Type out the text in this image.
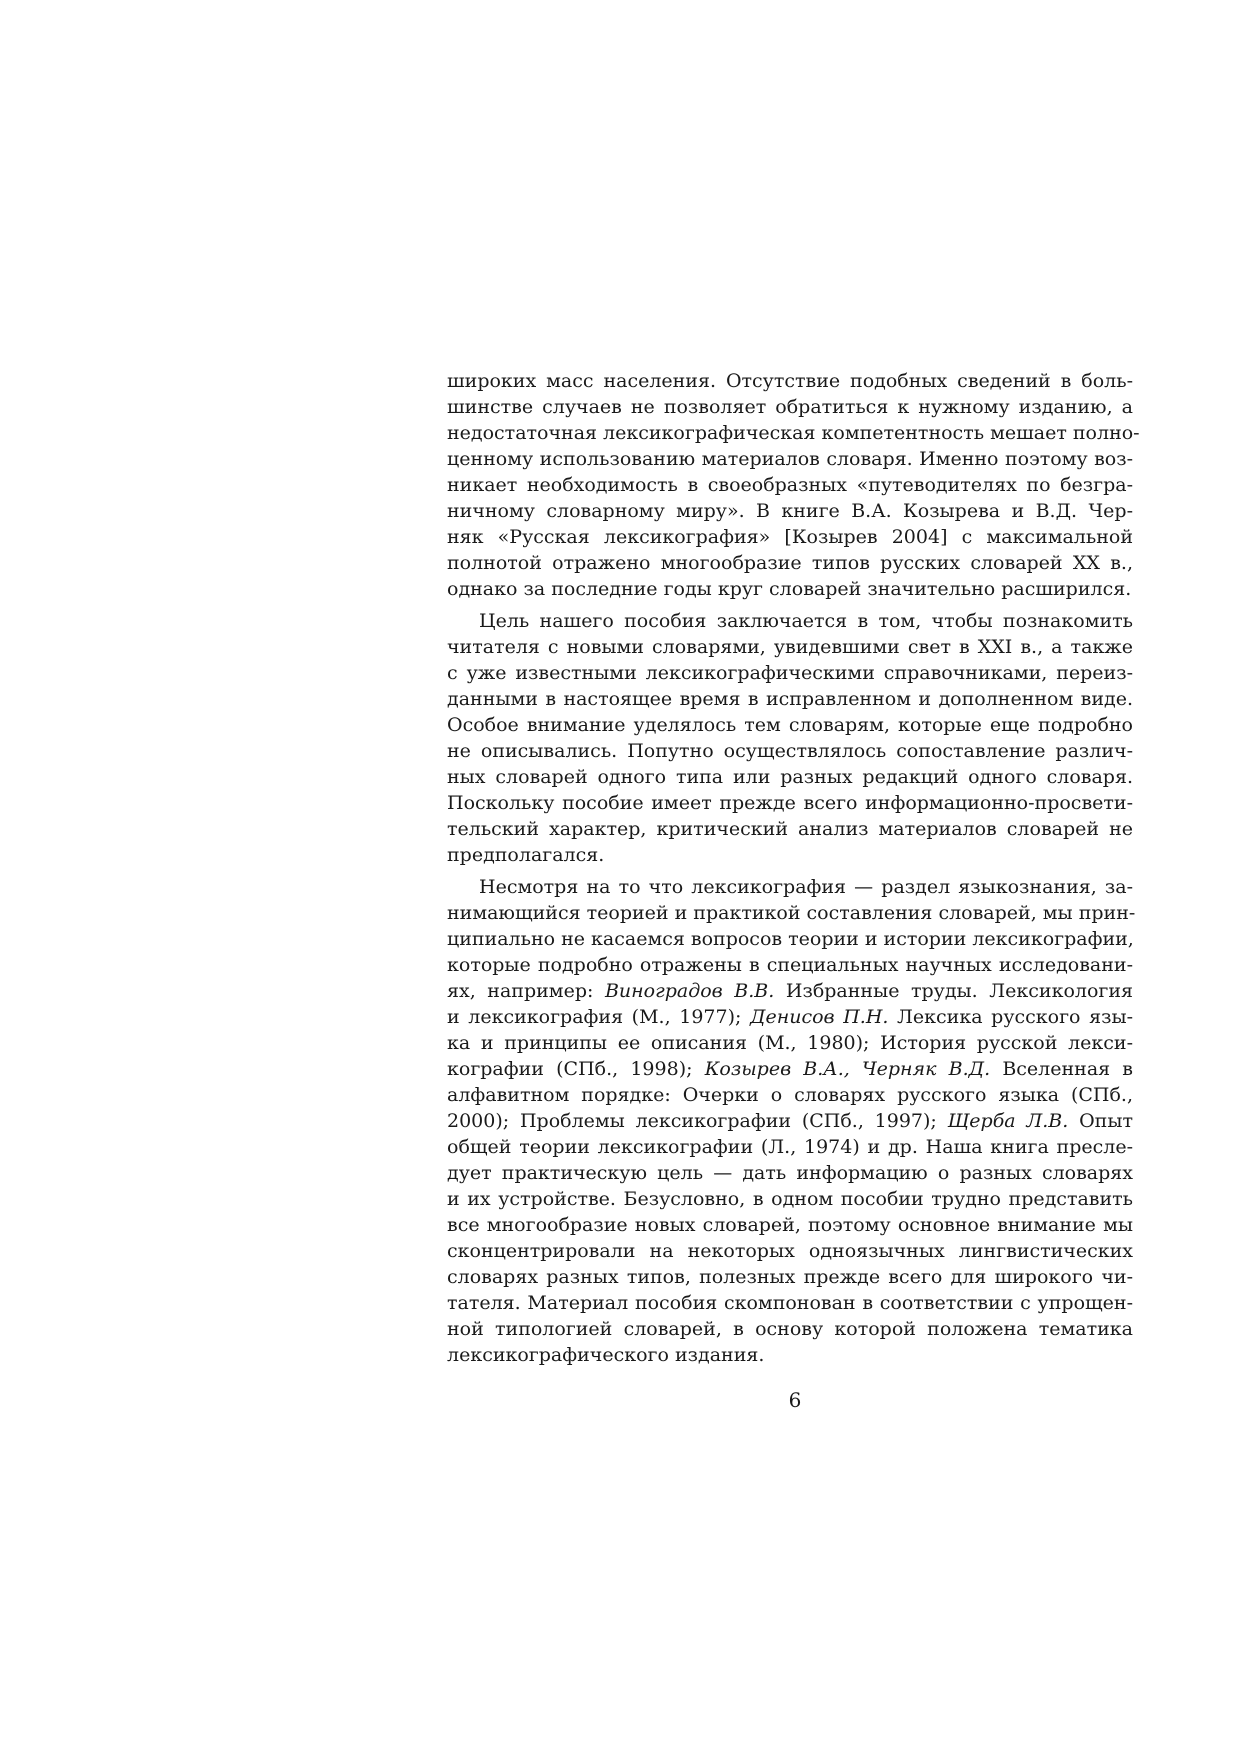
широких масс населения. Отсутствие подобных сведений в боль-
шинстве случаев не позволяет обратиться к нужному изданию, а
недостаточная лексикографическая компетентность мешает полно-
ценному использованию материалов словаря. Именно поэтому воз-
никает необходимость в своеобразных «путеводителях по безгра-
ничному словарному миру». В книге В.А. Козырева и В.Д. Чер-
няк «Русская лексикография» [Козырев 2004] с максимальной
полнотой отражено многообразие типов русских словарей XX в.,
однако за последние годы круг словарей значительно расширился.
Цель нашего пособия заключается в том, чтобы познакомить
читателя с новыми словарями, увидевшими свет в XXI в., а также
с уже известными лексикографическими справочниками, переиз-
данными в настоящее время в исправленном и дополненном виде.
Особое внимание уделялось тем словарям, которые еще подробно
не описывались. Попутно осуществлялось сопоставление различ-
ных словарей одного типа или разных редакций одного словаря.
Поскольку пособие имеет прежде всего информационно-просвети-
тельский характер, критический анализ материалов словарей не
предполагался.
Несмотря на то что лексикография — раздел языкознания, за-
нимающийся теорией и практикой составления словарей, мы прин-
ципиально не касаемся вопросов теории и истории лексикографии,
которые подробно отражены в специальных научных исследовани-
ях, например: Виноградов В.В. Избранные труды. Лексикология
и лексикография (М., 1977); Денисов П.Н. Лексика русского язы-
ка и принципы ее описания (М., 1980); История русской лекси-
кографии (СПб., 1998); Козырев В.А., Черняк В.Д. Вселенная в
алфавитном порядке: Очерки о словарях русского языка (СПб.,
2000); Проблемы лексикографии (СПб., 1997); Щерба Л.В. Опыт
общей теории лексикографии (Л., 1974) и др. Наша книга пресле-
дует практическую цель — дать информацию о разных словарях
и их устройстве. Безусловно, в одном пособии трудно представить
все многообразие новых словарей, поэтому основное внимание мы
сконцентрировали на некоторых одноязычных лингвистических
словарях разных типов, полезных прежде всего для широкого чи-
тателя. Материал пособия скомпонован в соответствии с упрощен-
ной типологией словарей, в основу которой положена тематика
лексикографического издания.
6
